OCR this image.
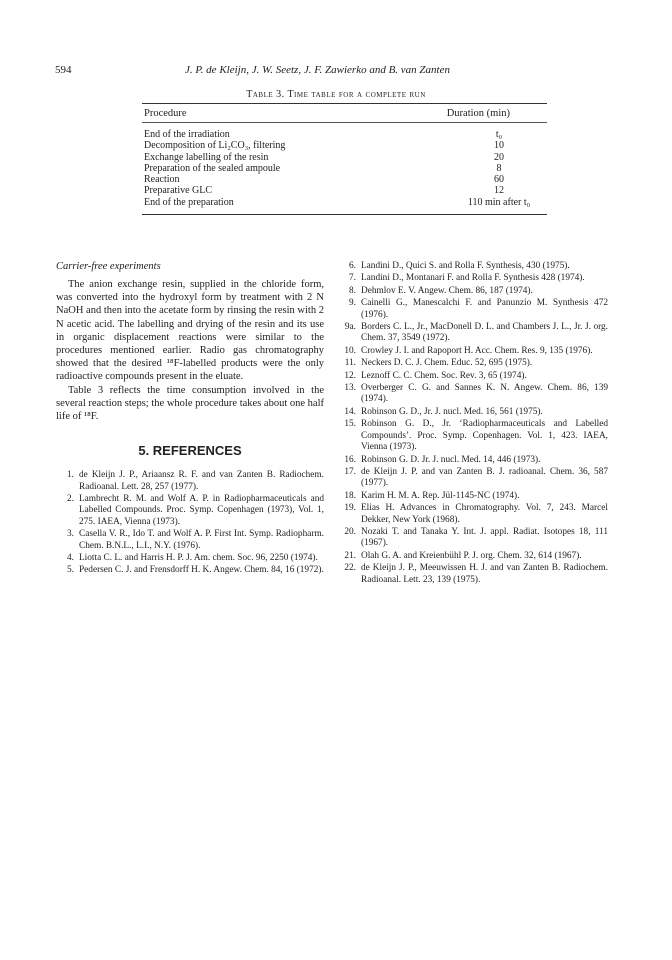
594	J. P. de Kleijn, J. W. Seetz, J. F. Zawierko and B. van Zanten
Table 3. Time table for a complete run
Procedure	Duration (min)
End of the irradiation	t₀
Decomposition of Li₂CO₃, filtering	10
Exchange labelling of the resin	20
Preparation of the sealed ampoule	8
Reaction	60
Preparative GLC	12
End of the preparation	110 min after t₀
Carrier-free experiments

The anion exchange resin, supplied in the chloride form, was converted into the hydroxyl form by treatment with 2 N NaOH and then into the acetate form by rinsing the resin with 2 N acetic acid. The labelling and drying of the resin and its use in organic displacement reactions were similar to the procedures mentioned earlier. Radio gas chromatography showed that the desired ¹⁸F-labelled products were the only radioactive compounds present in the eluate.

Table 3 reflects the time consumption involved in the several reaction steps; the whole procedure takes about one half life of ¹⁸F.

5. REFERENCES
1. de Kleijn J. P., Ariaansz R. F. and van Zanten B. Radiochem. Radioanal. Lett. 28, 257 (1977).
2. Lambrecht R. M. and Wolf A. P. in Radiopharmaceuticals and Labelled Compounds. Proc. Symp. Copenhagen (1973), Vol. 1, 275. IAEA, Vienna (1973).
3. Casella V. R., Ido T. and Wolf A. P. First Int. Symp. Radiopharm. Chem. B.N.L., L.I., N.Y. (1976).
4. Liotta C. L. and Harris H. P. J. Am. chem. Soc. 96, 2250 (1974).
5. Pedersen C. J. and Frensdorff H. K. Angew. Chem. 84, 16 (1972).
6. Landini D., Quici S. and Rolla F. Synthesis, 430 (1975).
7. Landini D., Montanari F. and Rolla F. Synthesis 428 (1974).
8. Dehmlov E. V. Angew. Chem. 86, 187 (1974).
9. Cainelli G., Manescalchi F. and Panunzio M. Synthesis 472 (1976).
9a. Borders C. L., Jr., MacDonell D. L. and Chambers J. L., Jr. J. org. Chem. 37, 3549 (1972).
10. Crowley J. I. and Rapoport H. Acc. Chem. Res. 9, 135 (1976).
11. Neckers D. C. J. Chem. Educ. 52, 695 (1975).
12. Leznoff C. C. Chem. Soc. Rev. 3, 65 (1974).
13. Overberger C. G. and Sannes K. N. Angew. Chem. 86, 139 (1974).
14. Robinson G. D., Jr. J. nucl. Med. 16, 561 (1975).
15. Robinson G. D., Jr. ‘Radiopharmaceuticals and Labelled Compounds’. Proc. Symp. Copenhagen. Vol. 1, 423. IAEA, Vienna (1973).
16. Robinson G. D. Jr. J. nucl. Med. 14, 446 (1973).
17. de Kleijn J. P. and van Zanten B. J. radioanal. Chem. 36, 587 (1977).
18. Karim H. M. A. Rep. Jül-1145-NC (1974).
19. Elias H. Advances in Chromatography. Vol. 7, 243. Marcel Dekker, New York (1968).
20. Nozaki T. and Tanaka Y. Int. J. appl. Radiat. Isotopes 18, 111 (1967).
21. Olah G. A. and Kreienbühl P. J. org. Chem. 32, 614 (1967).
22. de Kleijn J. P., Meeuwissen H. J. and van Zanten B. Radiochem. Radioanal. Lett. 23, 139 (1975).
